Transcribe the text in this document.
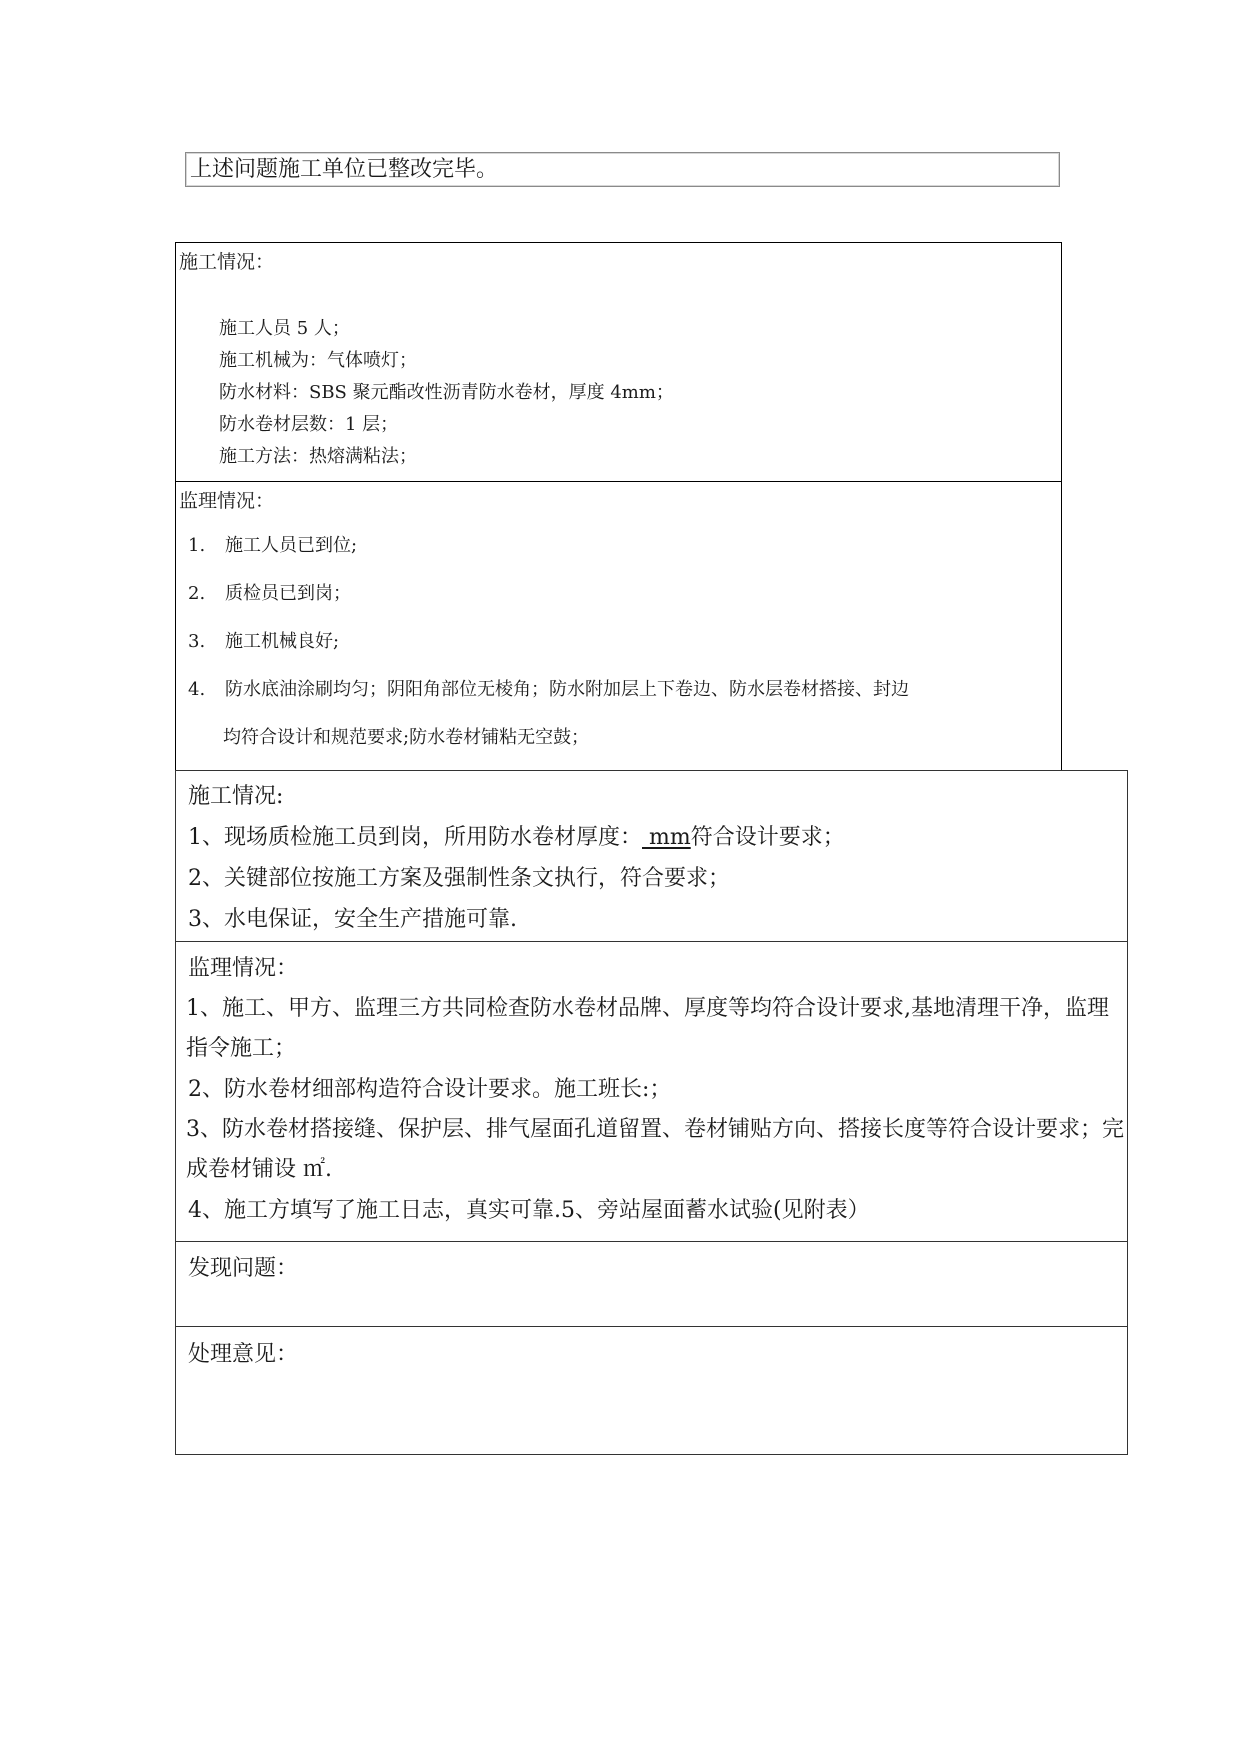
上述问题施工单位已整改完毕。
施工情况：
施工人员 5 人；
施工机械为：气体喷灯；
防水材料：SBS 聚元酯改性沥青防水卷材，厚度 4mm；
防水卷材层数：1 层；
施工方法：热熔满粘法；
监理情况：
1.	施工人员已到位;
2.	质检员已到岗；
3.	施工机械良好;
4.	防水底油涂刷均匀；阴阳角部位无棱角；防水附加层上下卷边、防水层卷材搭接、封边
均符合设计和规范要求;防水卷材铺粘无空鼓；
施工情况:
1、现场质检施工员到岗，所用防水卷材厚度： mm符合设计要求；
2、关键部位按施工方案及强制性条文执行，符合要求；
3、水电保证，安全生产措施可靠.
监理情况：
1、施工、甲方、监理三方共同检查防水卷材品牌、厚度等均符合设计要求,基地清理干净，监理指令施工；
2、防水卷材细部构造符合设计要求。施工班长:；
3、防水卷材搭接缝、保护层、排气屋面孔道留置、卷材铺贴方向、搭接长度等符合设计要求；完成卷材铺设 ㎡.
4、施工方填写了施工日志，真实可靠.5、旁站屋面蓄水试验(见附表）
发现问题：
处理意见：
